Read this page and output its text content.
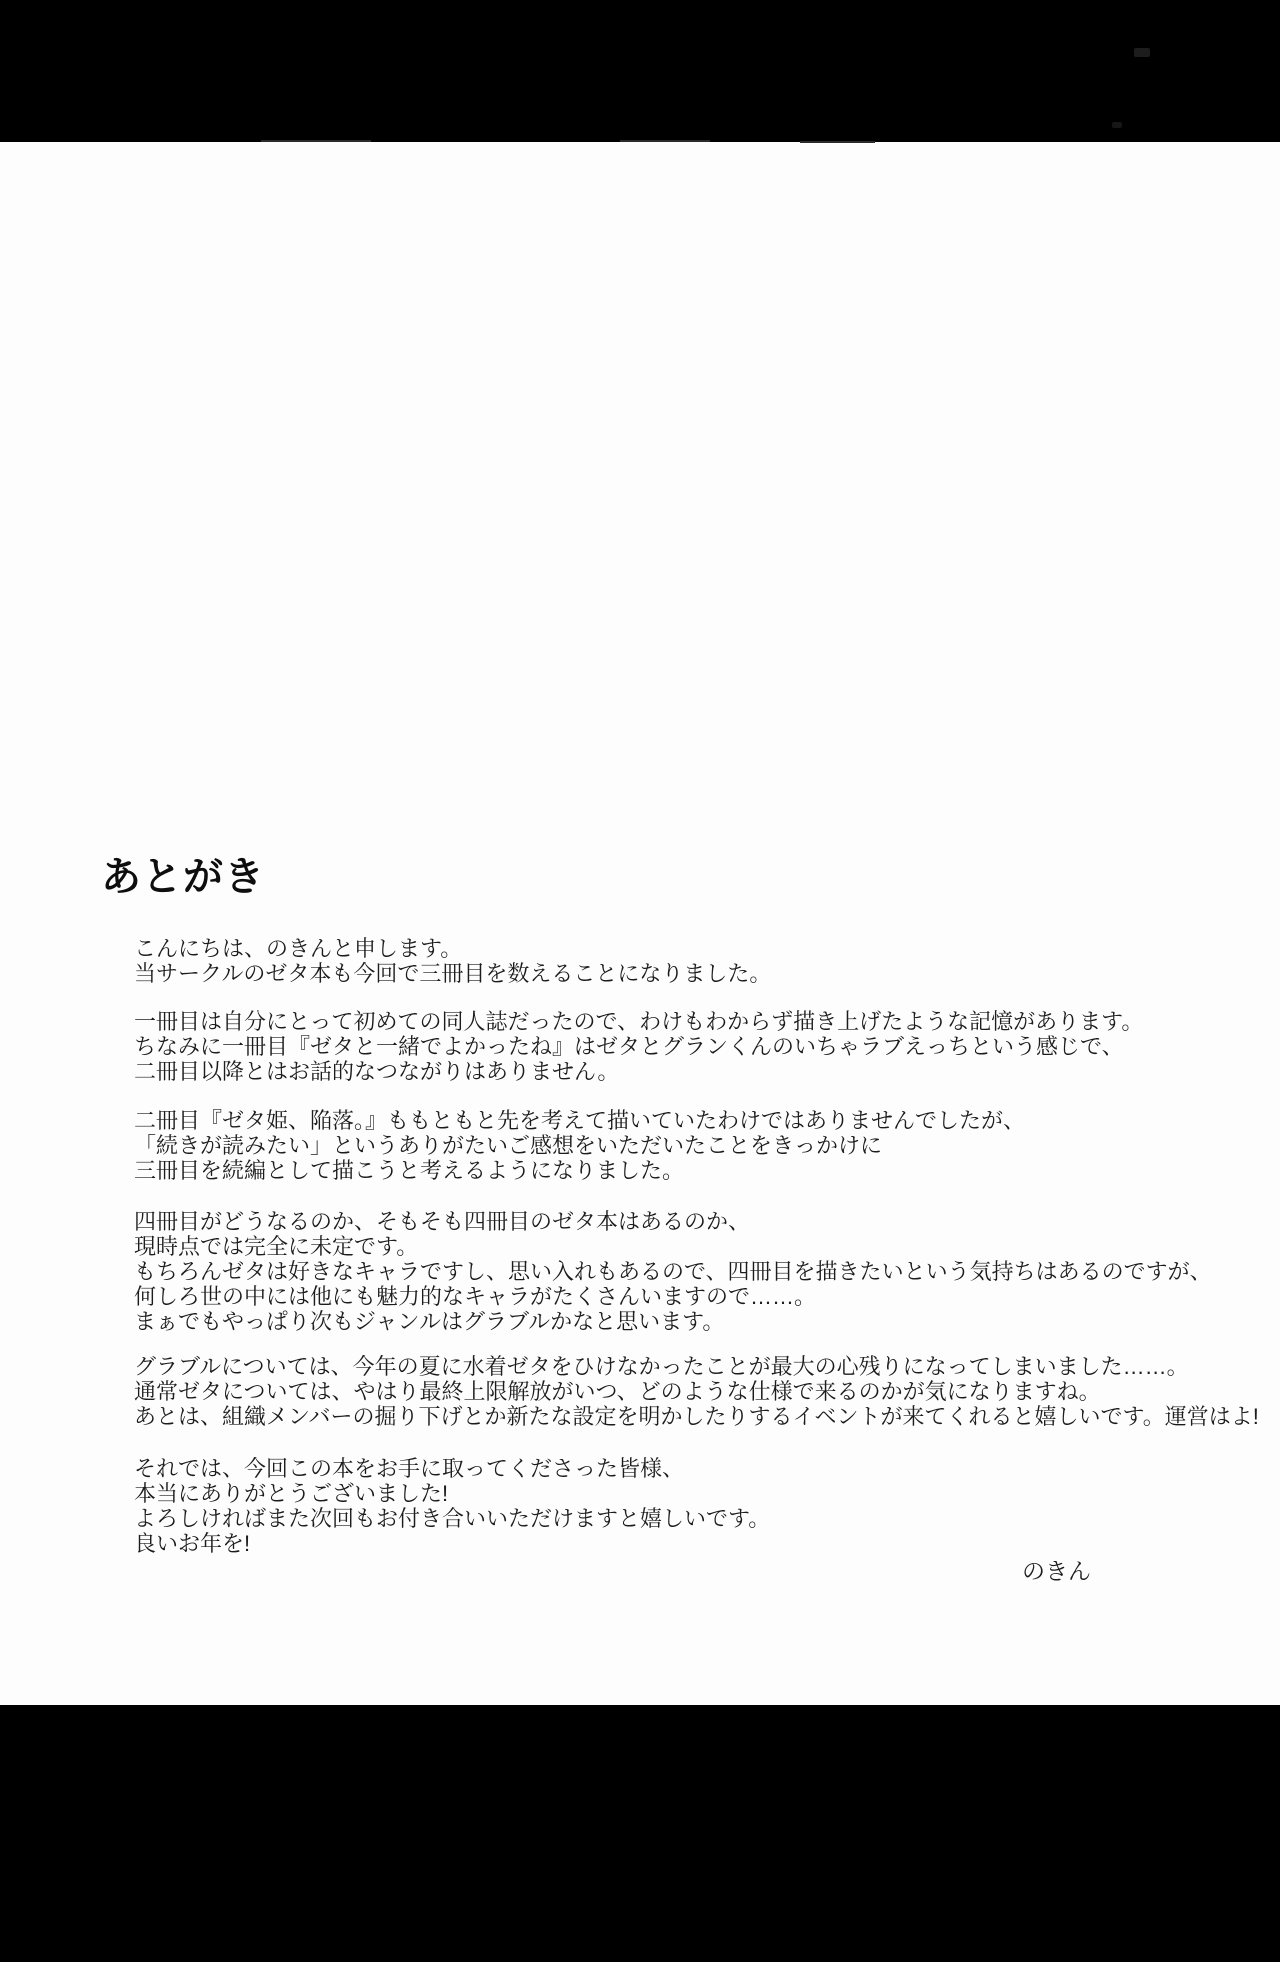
あとがき
こんにちは、のきんと申します。
当サークルのゼタ本も今回で三冊目を数えることになりました。
一冊目は自分にとって初めての同人誌だったので、わけもわからず描き上げたような記憶があります。
ちなみに一冊目『ゼタと一緒でよかったね』はゼタとグランくんのいちゃラブえっちという感じで、
二冊目以降とはお話的なつながりはありません。
二冊目『ゼタ姫、陥落。』ももともと先を考えて描いていたわけではありませんでしたが、
「続きが読みたい」というありがたいご感想をいただいたことをきっかけに
三冊目を続編として描こうと考えるようになりました。
四冊目がどうなるのか、そもそも四冊目のゼタ本はあるのか、
現時点では完全に未定です。
もちろんゼタは好きなキャラですし、思い入れもあるので、四冊目を描きたいという気持ちはあるのですが、
何しろ世の中には他にも魅力的なキャラがたくさんいますので……。
まぁでもやっぱり次もジャンルはグラブルかなと思います。
グラブルについては、今年の夏に水着ゼタをひけなかったことが最大の心残りになってしまいました……。
通常ゼタについては、やはり最終上限解放がいつ、どのような仕様で来るのかが気になりますね。
あとは、組織メンバーの掘り下げとか新たな設定を明かしたりするイベントが来てくれると嬉しいです。運営はよ!
それでは、今回この本をお手に取ってくださった皆様、
本当にありがとうございました!
よろしければまた次回もお付き合いいただけますと嬉しいです。
良いお年を!
のきん
